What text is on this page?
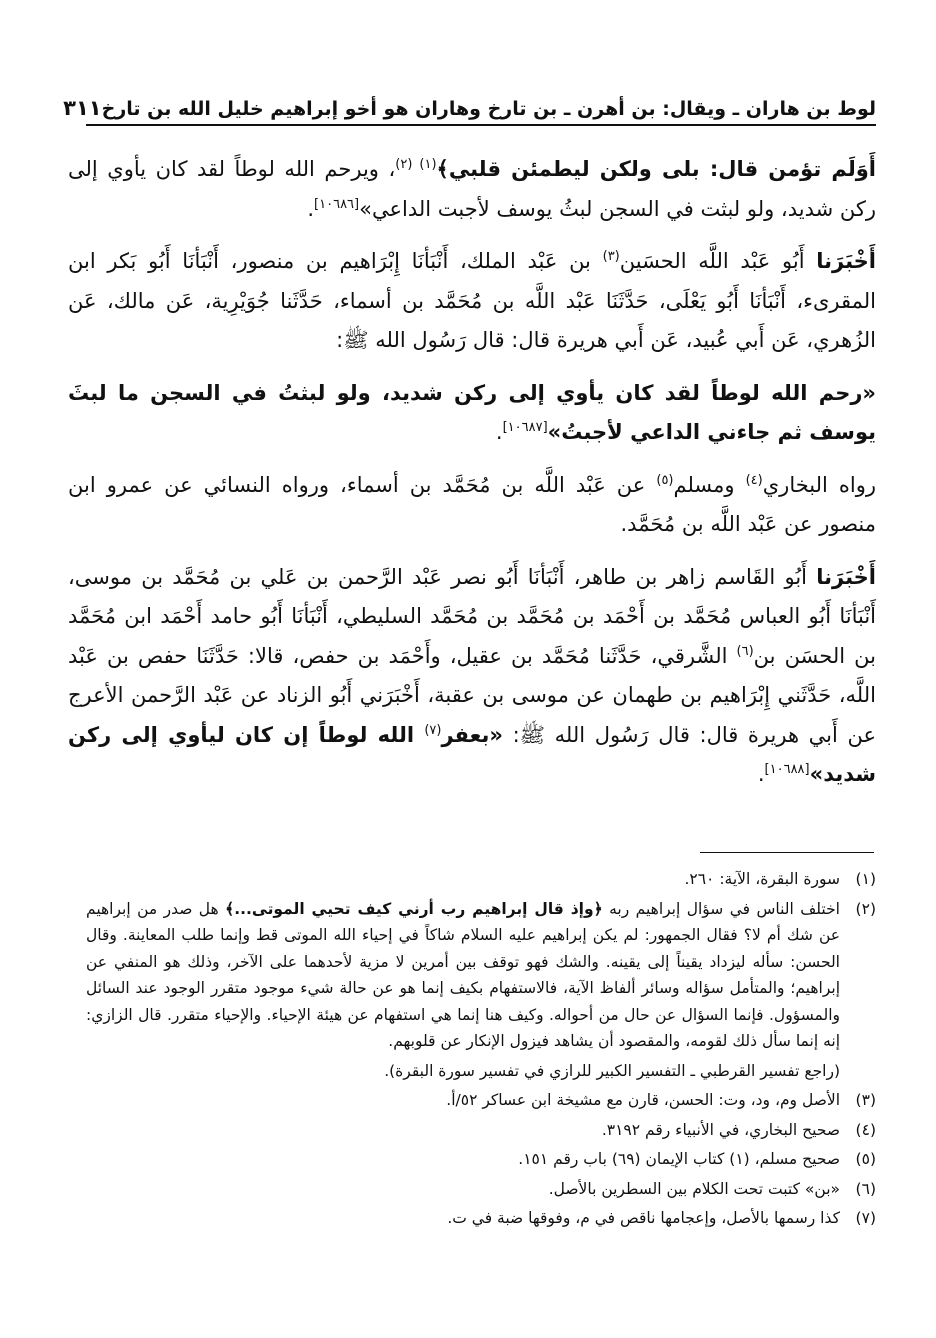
لوط بن هاران ـ ويقال: بن أهرن ـ بن تارخ وهاران هو أخو إبراهيم خليل الله بن تارخ
٣١١

أَوَلَم تؤمن قال: بلى ولكن ليطمئن قلبي﴾$^{(١) (٢)}$، ويرحم الله لوطاً لقد كان يأوي إلى ركن شديد، ولو لبثت في السجن لبثُ يوسف لأجبت الداعي»[١٠٦٨٦].

أَخْبَرَنا أَبُو عَبْد اللَّه الحسَين$^{(٣)}$ بن عَبْد الملك، أَنْبَأنَا إِبْرَاهيم بن منصور، أَنْبَأنَا أَبُو بَكر ابن المقرىء، أَنْبَأنَا أَبُو يَعْلَى، حَدَّثَنَا عَبْد اللَّه بن مُحَمَّد بن أسماء، حَدَّثَنا جُوَيْرِية، عَن مالك، عَن الزُهري، عَن أَبي عُبيد، عَن أَبي هريرة قال: قال رَسُول الله ﷺ:

«رحم الله لوطاً لقد كان يأوي إلى ركن شديد، ولو لبثتُ في السجن ما لبثَ يوسف ثم جاءني الداعي لأجبتُ»[١٠٦٨٧].

رواه البخاري$^{(٤)}$ ومسلم$^{(٥)}$ عن عَبْد اللَّه بن مُحَمَّد بن أسماء، ورواه النسائي عن عمرو ابن منصور عن عَبْد اللَّه بن مُحَمَّد.

أَخْبَرَنا أَبُو القَاسم زاهر بن طاهر، أَنْبَأنَا أَبُو نصر عَبْد الرَّحمن بن عَلي بن مُحَمَّد بن موسى، أَنْبَأنَا أَبُو العباس مُحَمَّد بن أَحْمَد بن مُحَمَّد بن مُحَمَّد السليطي، أَنْبَأنَا أَبُو حامد أَحْمَد ابن مُحَمَّد بن الحسَن بن$^{(٦)}$ الشَّرقي، حَدَّثَنا مُحَمَّد بن عقيل، وأَحْمَد بن حفص، قالا: حَدَّثَنَا حفص بن عَبْد اللَّه، حَدَّثَني إِبْرَاهيم بن طهمان عن موسى بن عقبة، أَخْبَرَني أَبُو الزناد عن عَبْد الرَّحمن الأعرج عن أَبي هريرة قال: قال رَسُول الله ﷺ: «بعفر$^{(٧)}$ الله لوطاً إن كان ليأوي إلى ركن شديد»[١٠٦٨٨].

(١)
سورة البقرة، الآية: ٢٦٠.
(٢)
اختلف الناس في سؤال إبراهيم ربه ﴿وإذ قال إبراهيم رب أرني كيف تحيي الموتى...﴾ هل صدر من إبراهيم عن شك أم لا؟ فقال الجمهور: لم يكن إبراهيم عليه السلام شاكاً في إحياء الله الموتى قط وإنما طلب المعاينة. وقال الحسن: سأله ليزداد يقيناً إلى يقينه. والشك فهو توقف بين أمرين لا مزية لأحدهما على الآخر، وذلك هو المنفي عن إبراهيم؛ والمتأمل سؤاله وسائر ألفاظ الآية، فالاستفهام بكيف إنما هو عن حالة شيء موجود متقرر الوجود عند السائل والمسؤول. فإنما السؤال عن حال من أحواله. وكيف هنا إنما هي استفهام عن هيئة الإحياء. والإحياء متقرر. قال الزازي: إنه إنما سأل ذلك لقومه، والمقصود أن يشاهد فيزول الإنكار عن قلوبهم.
(راجع تفسير القرطبي ـ التفسير الكبير للرازي في تفسير سورة البقرة).
(٣)
الأصل وم، ود، وت: الحسن، قارن مع مشيخة ابن عساكر ٥٢/أ.
(٤)
صحيح البخاري، في الأنبياء رقم ٣١٩٢.
(٥)
صحيح مسلم، (١) كتاب الإيمان (٦٩) باب رقم ١٥١.
(٦)
«بن» كتبت تحت الكلام بين السطرين بالأصل.
(٧)
كذا رسمها بالأصل، وإعجامها ناقص في م، وفوقها ضبة في ت.
